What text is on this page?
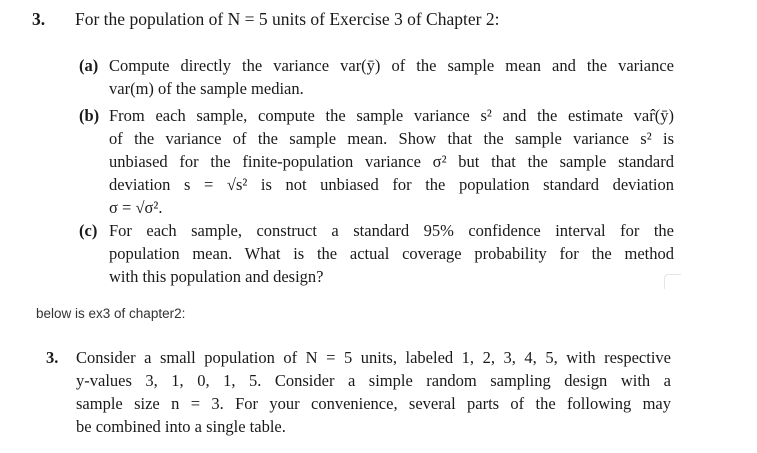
3. For the population of N = 5 units of Exercise 3 of Chapter 2:
(a) Compute directly the variance var(ȳ) of the sample mean and the variance
var(m) of the sample median.
(b) From each sample, compute the sample variance s² and the estimate var̂(ȳ)
of the variance of the sample mean. Show that the sample variance s² is
unbiased for the finite-population variance σ² but that the sample standard
deviation s = √s² is not unbiased for the population standard deviation
σ = √σ².
(c) For each sample, construct a standard 95% confidence interval for the
population mean. What is the actual coverage probability for the method
with this population and design?
below is ex3 of chapter2:
3. Consider a small population of N = 5 units, labeled 1, 2, 3, 4, 5, with respective
y-values 3, 1, 0, 1, 5. Consider a simple random sampling design with a
sample size n = 3. For your convenience, several parts of the following may
be combined into a single table.
